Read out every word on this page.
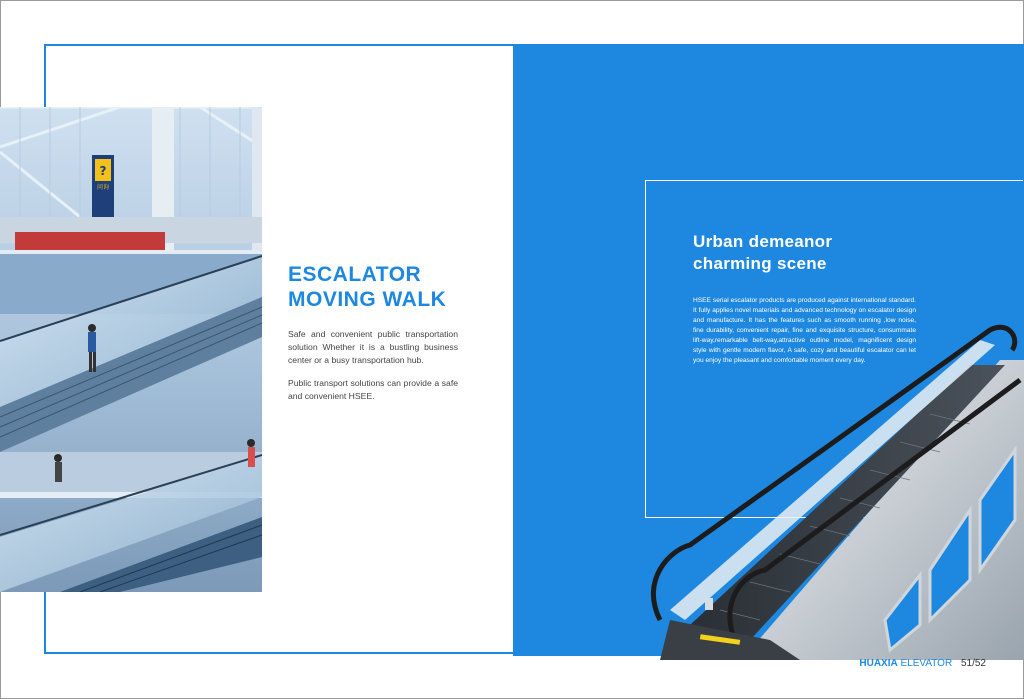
?
问询
ESCALATOR
MOVING WALK
Safe and convenient public transportation solution Whether it is a bustling business center or a busy transportation hub.
Public transport solutions can provide a safe and convenient HSEE.
Urban demeanor
charming scene
HSEE serial escalator products are produced against international standard. It fully applies novel materials and advanced technology on escalator design and manufacture. It has the features such as smooth running ,low noise, fine durability, convenient repair, fine and exquisite structure, consummate lift-way,remarkable belt-way,attractive outline model, magnificent design style with gentle modern flavor, A safe, cozy and beautiful escalator can let you enjoy the pleasant and comfortable moment every day.
HUAXIA ELEVATOR 51/52
